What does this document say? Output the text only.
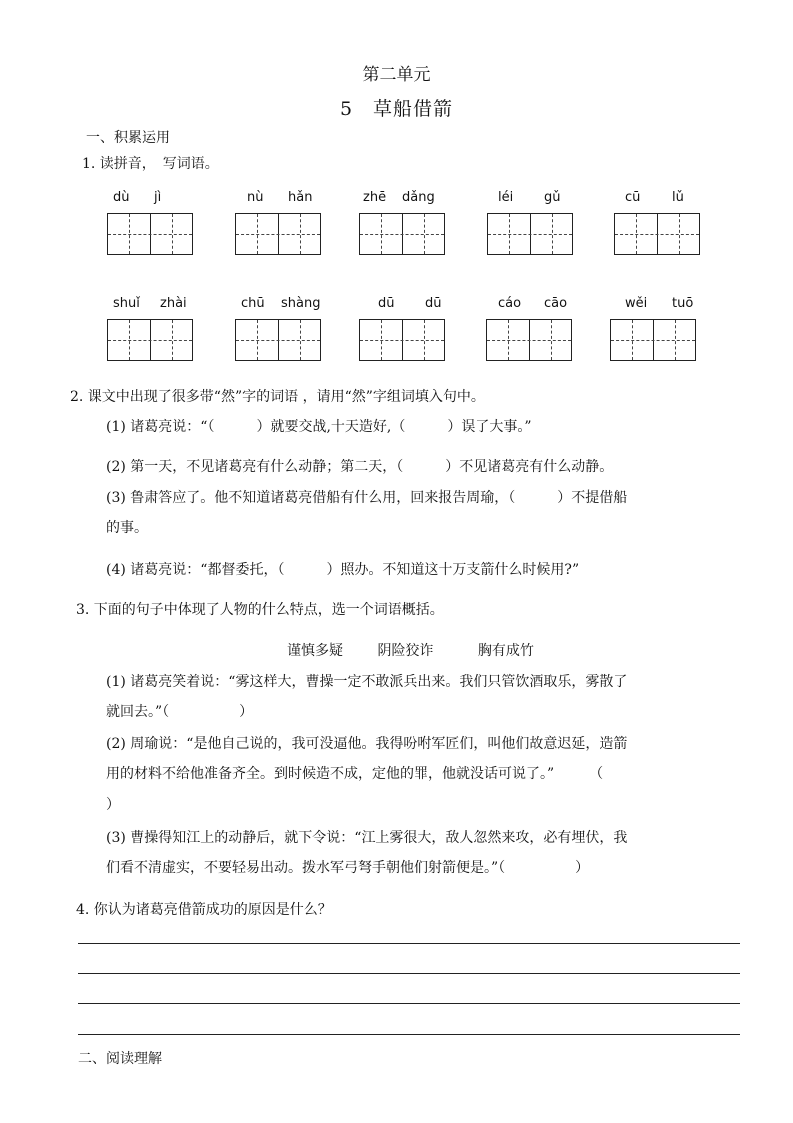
第二单元
5　草船借箭
一、积累运用
1. 读拼音，　写词语。
dù jì	nù hǎn	zhē dǎng	léi gǔ	cū lǔ
shuǐ zhài	chū shàng	dū dū	cáo cāo	wěi tuō
2. 课文中出现了很多带“然”字的词语 ，请用“然”字组词填入句中。
(1) 诸葛亮说：“（　　　）就要交战,十天造好,（　　　）误了大事。”
(2) 第一天，不见诸葛亮有什么动静；第二天，（　　　）不见诸葛亮有什么动静。
(3) 鲁肃答应了。他不知道诸葛亮借船有什么用，回来报告周瑜，（　　　）不提借船
的事。
(4) 诸葛亮说：“都督委托，（　　　）照办。不知道这十万支箭什么时候用?”
3. 下面的句子中体现了人物的什么特点，选一个词语概括。
谨慎多疑 阴险狡诈	胸有成竹
(1) 诸葛亮笑着说：“雾这样大，曹操一定不敢派兵出来。我们只管饮酒取乐，雾散了
就回去。”（　　　　　）
(2) 周瑜说：“是他自己说的，我可没逼他。我得吩咐军匠们，叫他们故意迟延，造箭
用的材料不给他准备齐全。到时候造不成，定他的罪，他就没话可说了。”　　　（
）
(3) 曹操得知江上的动静后，就下令说：“江上雾很大，敌人忽然来攻，必有埋伏，我
们看不清虚实，不要轻易出动。拨水军弓弩手朝他们射箭便是。”（　　　　　）
4. 你认为诸葛亮借箭成功的原因是什么？
二、阅读理解
